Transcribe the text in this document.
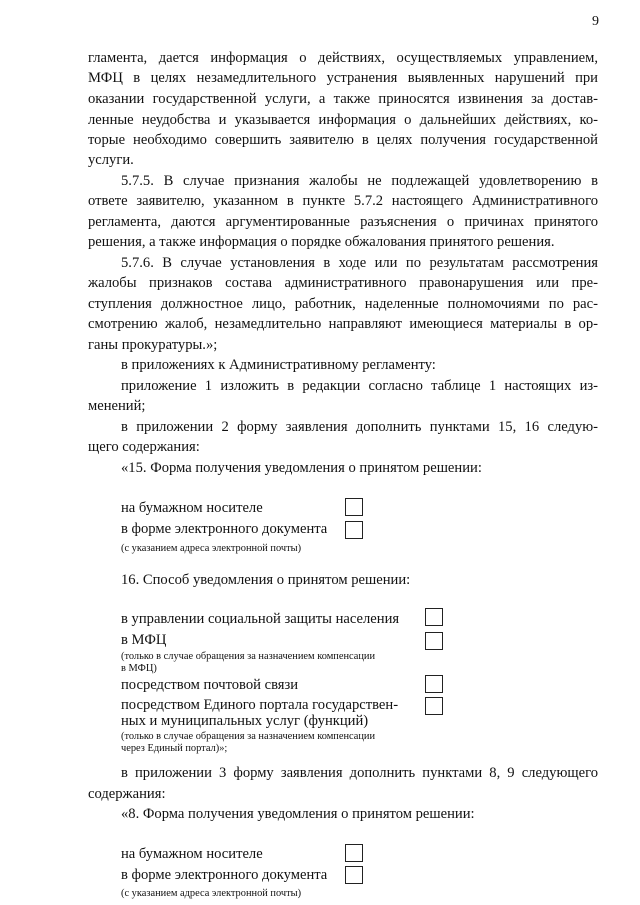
9
гламента, дается информация о действиях, осуществляемых управлением,
МФЦ в целях незамедлительного устранения выявленных нарушений при
оказании государственной услуги, а также приносятся извинения за достав-
ленные неудобства и указывается информация о дальнейших действиях, ко-
торые необходимо совершить заявителю в целях получения государственной
услуги.
5.7.5. В случае признания жалобы не подлежащей удовлетворению в
ответе заявителю, указанном в пункте 5.7.2 настоящего Административного
регламента, даются аргументированные разъяснения о причинах принятого
решения, а также информация о порядке обжалования принятого решения.
5.7.6. В случае установления в ходе или по результатам рассмотрения
жалобы признаков состава административного правонарушения или пре-
ступления должностное лицо, работник, наделенные полномочиями по рас-
смотрению жалоб, незамедлительно направляют имеющиеся материалы в ор-
ганы прокуратуры.»;
в приложениях к Административному регламенту:
приложение 1 изложить в редакции согласно таблице 1 настоящих из-
менений;
в приложении 2 форму заявления дополнить пунктами 15, 16 следую-
щего содержания:
«15. Форма получения уведомления о принятом решении:
на бумажном носителе
в форме электронного документа
(с указанием адреса электронной почты)
16. Способ уведомления о принятом решении:
в управлении социальной защиты населения
в МФЦ
(только в случае обращения за назначением компенсации
в МФЦ)
посредством почтовой связи
посредством Единого портала государствен-
ных и муниципальных услуг (функций)
(только в случае обращения за назначением компенсации
через Единый портал)»;
в приложении 3 форму заявления дополнить пунктами 8, 9 следующего
содержания:
«8. Форма получения уведомления о принятом решении:
на бумажном носителе
в форме электронного документа
(с указанием адреса электронной почты)
